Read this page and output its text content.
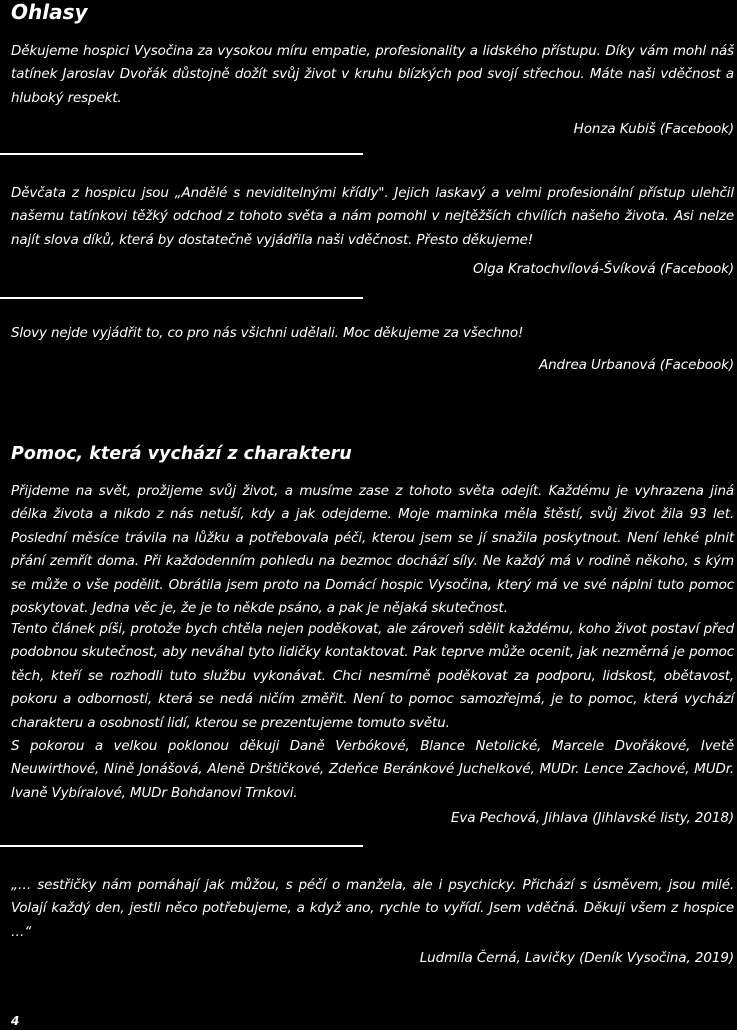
Ohlasy

Děkujeme hospici Vysočina za vysokou míru empatie, profesionality a lidského přístupu. Díky vám mohl náš tatínek Jaroslav Dvořák důstojně dožít svůj život v kruhu blízkých pod svojí střechou. Máte naši vděčnost a hluboký respekt.

Honza Kubiš (Facebook)

Děvčata z hospicu jsou „Andělé s neviditelnými křídly". Jejich laskavý a velmi profesionální přístup ulehčil našemu tatínkovi těžký odchod z tohoto světa a nám pomohl v nejtěžších chvílích našeho života. Asi nelze najít slova díků, která by dostatečně vyjádřila naši vděčnost. Přesto děkujeme!

Olga Kratochvílová-Švíková (Facebook)

Slovy nejde vyjádřit to, co pro nás všichni udělali. Moc děkujeme za všechno!

Andrea Urbanová (Facebook)

Pomoc, která vychází z charakteru

Přijdeme na svět, prožijeme svůj život, a musíme zase z tohoto světa odejít. Každému je vyhrazena jiná délka života a nikdo z nás netuší, kdy a jak odejdeme. Moje maminka měla štěstí, svůj život žila 93 let. Poslední měsíce trávila na lůžku a potřebovala péči, kterou jsem se jí snažila poskytnout. Není lehké plnit přání zemřít doma. Při každodenním pohledu na bezmoc dochází síly. Ne každý má v rodině někoho, s kým se může o vše podělit. Obrátila jsem proto na Domácí hospic Vysočina, který má ve své náplni tuto pomoc poskytovat. Jedna věc je, že je to někde psáno, a pak je nějaká skutečnost.

Tento článek píši, protože bych chtěla nejen poděkovat, ale zároveň sdělit každému, koho život postaví před podobnou skutečnost, aby neváhal tyto lidičky kontaktovat. Pak teprve může ocenit, jak nezměrná je pomoc těch, kteří se rozhodli tuto službu vykonávat. Chci nesmírně poděkovat za podporu, lidskost, obětavost, pokoru a odbornosti, která se nedá ničím změřit. Není to pomoc samozřejmá, je to pomoc, která vychází charakteru a osobností lidí, kterou se prezentujeme tomuto světu.

S pokorou a velkou poklonou děkuji Daně Verbókové, Blance Netolické, Marcele Dvořákové, Ivetě Neuwirthové, Nině Jonášová, Aleně Drštičkové, Zdeňce Beránkové Juchelkové, MUDr. Lence Zachové, MUDr. Ivaně Vybíralové, MUDr Bohdanovi Trnkovi.

Eva Pechová, Jihlava (Jihlavské listy, 2018)

„… sestřičky nám pomáhají jak můžou, s péčí o manžela, ale i psychicky. Přichází s úsměvem, jsou milé. Volají každý den, jestli něco potřebujeme, a když ano, rychle to vyřídí. Jsem vděčná. Děkuji všem z hospice …“

Ludmila Černá, Lavičky (Deník Vysočina, 2019)

4
